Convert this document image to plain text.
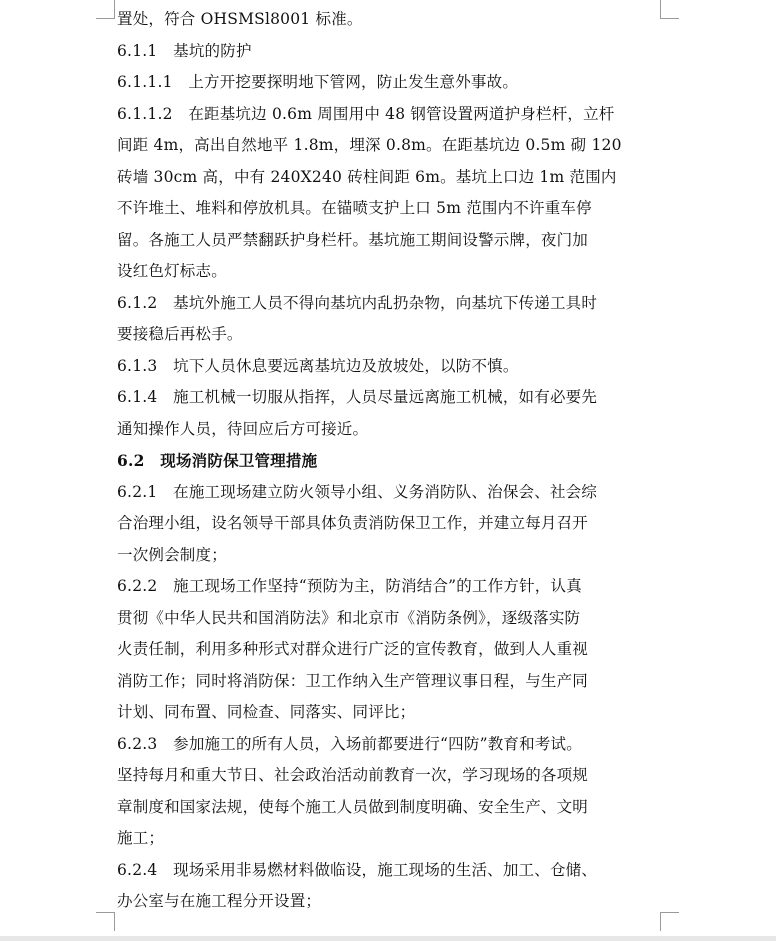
置处，符合 OHSMSl8001 标准。
6.1.1　基坑的防护
6.1.1.1　上方开挖要探明地下管网，防止发生意外事故。
6.1.1.2　在距基坑边 0.6m 周围用中 48 钢管设置两道护身栏杆，立杆
间距 4m，高出自然地平 1.8m，埋深 0.8m。在距基坑边 0.5m 砌 120
砖墙 30cm 高，中有 240X240 砖柱间距 6m。基坑上口边 1m 范围内
不许堆土、堆料和停放机具。在锚喷支护上口 5m 范围内不许重车停
留。各施工人员严禁翻跃护身栏杆。基坑施工期间设警示牌，夜门加
设红色灯标志。
6.1.2　基坑外施工人员不得向基坑内乱扔杂物，向基坑下传递工具时
要接稳后再松手。
6.1.3　坑下人员休息要远离基坑边及放坡处，以防不慎。
6.1.4　施工机械一切服从指挥，人员尽量远离施工机械，如有必要先
通知操作人员，待回应后方可接近。
6.2　现场消防保卫管理措施
6.2.1　在施工现场建立防火领导小组、义务消防队、治保会、社会综
合治理小组，设名领导干部具体负责消防保卫工作，并建立每月召开
一次例会制度；
6.2.2　施工现场工作坚持“预防为主，防消结合”的工作方针，认真
贯彻《中华人民共和国消防法》和北京市《消防条例》，逐级落实防
火责任制，利用多种形式对群众进行广泛的宣传教育，做到人人重视
消防工作；同时将消防保：卫工作纳入生产管理议事日程，与生产同
计划、同布置、同检查、同落实、同评比；
6.2.3　参加施工的所有人员，入场前都要进行“四防”教育和考试。
坚持每月和重大节日、社会政治活动前教育一次，学习现场的各项规
章制度和国家法规，使每个施工人员做到制度明确、安全生产、文明
施工；
6.2.4　现场采用非易燃材料做临设，施工现场的生活、加工、仓储、
办公室与在施工程分开设置；
